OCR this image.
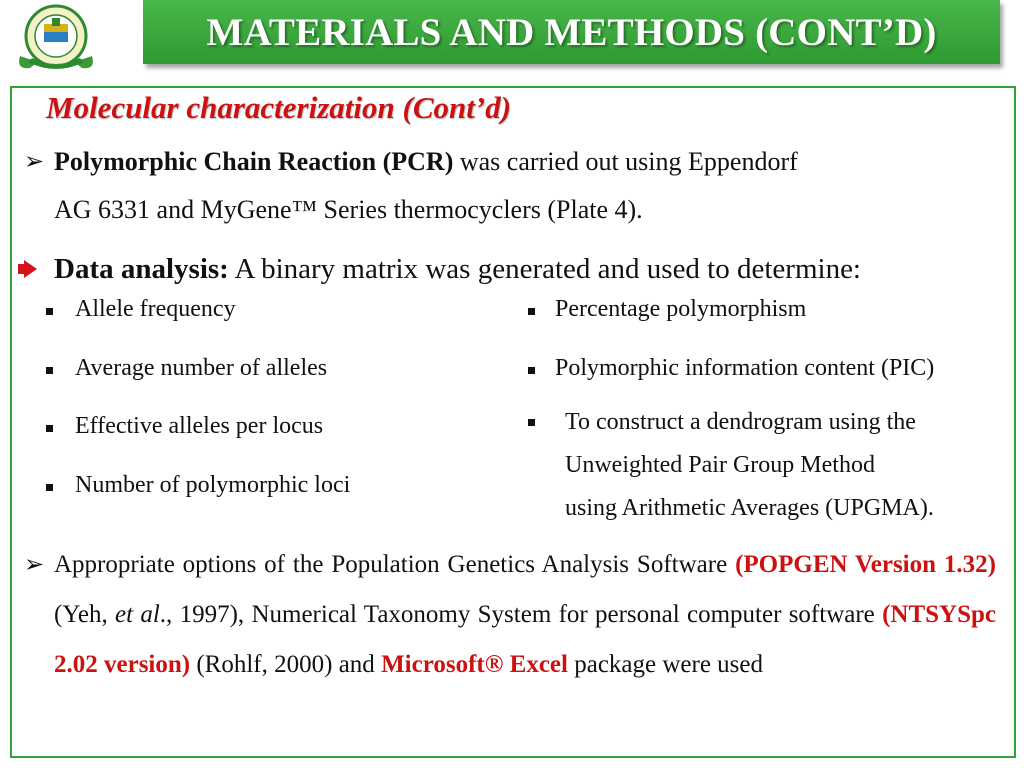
MATERIALS AND METHODS (CONT’D)
Molecular characterization (Cont’d)
➢ Polymorphic Chain Reaction (PCR) was carried out using Eppendorf
AG 6331 and MyGene™ Series thermocyclers (Plate 4).
Data analysis: A binary matrix was generated and used to determine:
Allele frequency
Average number of alleles
Effective alleles per locus
Number of polymorphic loci
Percentage polymorphism
Polymorphic information content (PIC)
To construct a dendrogram using the
Unweighted Pair Group Method
using Arithmetic Averages (UPGMA).
➢ Appropriate options of the Population Genetics Analysis Software (POPGEN Version 1.32) (Yeh, et al., 1997), Numerical Taxonomy System for personal computer software (NTSYSpc 2.02 version) (Rohlf, 2000) and Microsoft® Excel package were used
